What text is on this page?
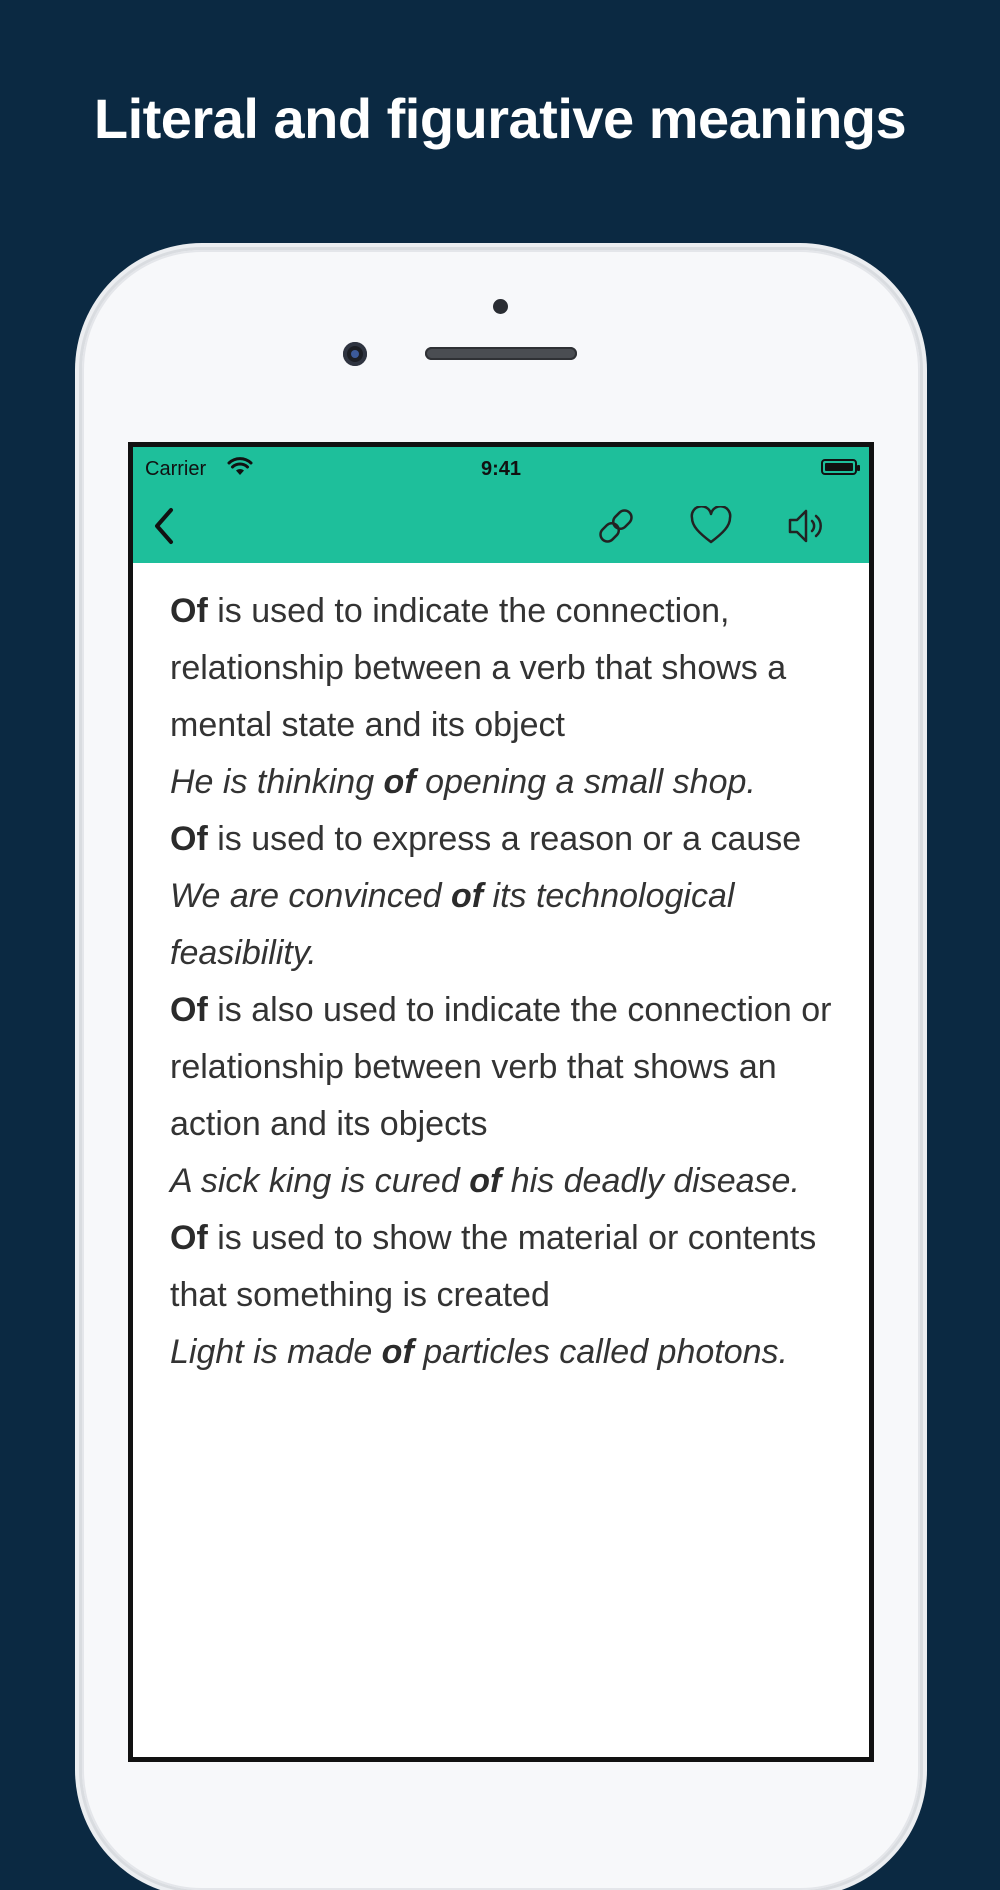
Literal and figurative meanings
Carrier	9:41

Of is used to indicate the connection, relationship between a verb that shows a mental state and its object

He is thinking of opening a small shop.

Of is used to express a reason or a cause

We are convinced of its technological feasibility.

Of is also used to indicate the connection or relationship between verb that shows an action and its objects

A sick king is cured of his deadly disease.

Of is used to show the material or contents that something is created

Light is made of particles called photons.
